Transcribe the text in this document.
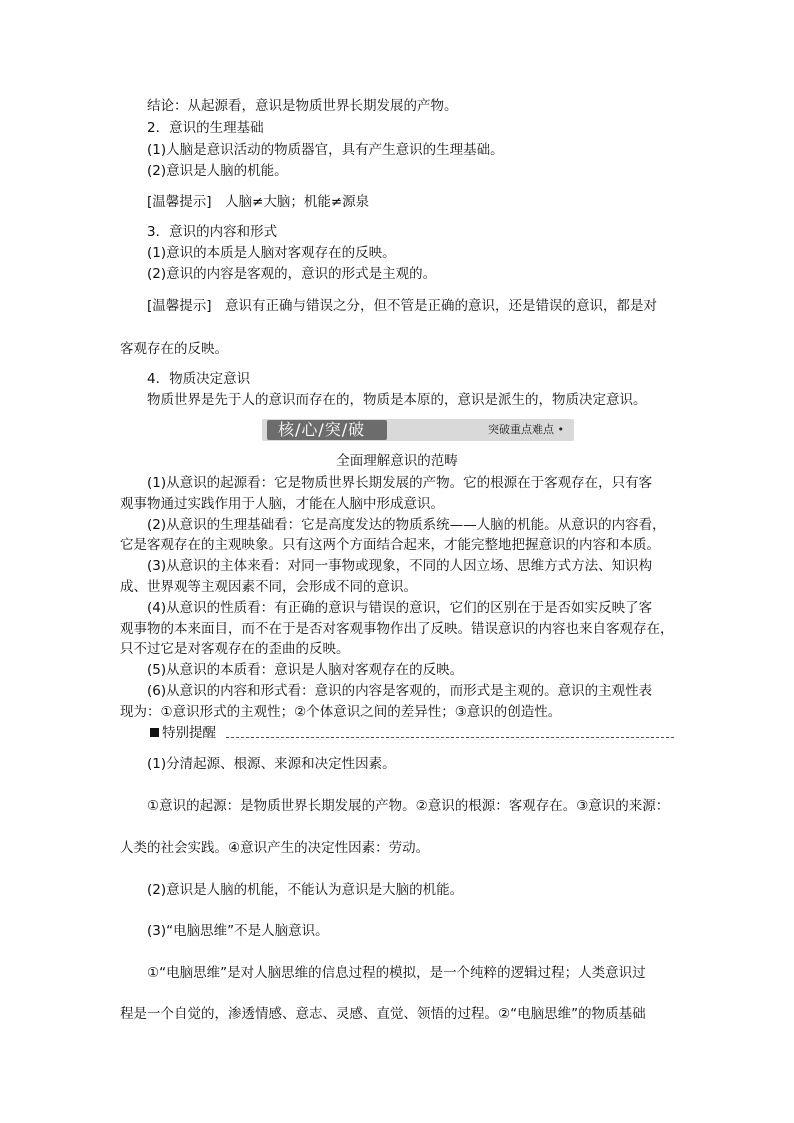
结论：从起源看，意识是物质世界长期发展的产物。
2．意识的生理基础
(1)人脑是意识活动的物质器官，具有产生意识的生理基础。
(2)意识是人脑的机能。
[温馨提示]　人脑≠大脑；机能≠源泉
3．意识的内容和形式
(1)意识的本质是人脑对客观存在的反映。
(2)意识的内容是客观的，意识的形式是主观的。
[温馨提示]　意识有正确与错误之分，但不管是正确的意识，还是错误的意识，都是对
客观存在的反映。
4．物质决定意识
物质世界是先于人的意识而存在的，物质是本原的，意识是派生的，物质决定意识。
核/心/突/破	突破重点难点 •
全面理解意识的范畴
(1)从意识的起源看：它是物质世界长期发展的产物。它的根源在于客观存在，只有客
观事物通过实践作用于人脑，才能在人脑中形成意识。
(2)从意识的生理基础看：它是高度发达的物质系统——人脑的机能。从意识的内容看，
它是客观存在的主观映象。只有这两个方面结合起来，才能完整地把握意识的内容和本质。
(3)从意识的主体来看：对同一事物或现象，不同的人因立场、思维方式方法、知识构
成、世界观等主观因素不同，会形成不同的意识。
(4)从意识的性质看：有正确的意识与错误的意识，它们的区别在于是否如实反映了客
观事物的本来面目，而不在于是否对客观事物作出了反映。错误意识的内容也来自客观存在，
只不过它是对客观存在的歪曲的反映。
(5)从意识的本质看：意识是人脑对客观存在的反映。
(6)从意识的内容和形式看：意识的内容是客观的，而形式是主观的。意识的主观性表
现为：①意识形式的主观性；②个体意识之间的差异性；③意识的创造性。
特别提醒
(1)分清起源、根源、来源和决定性因素。
①意识的起源：是物质世界长期发展的产物。②意识的根源：客观存在。③意识的来源：
人类的社会实践。④意识产生的决定性因素：劳动。
(2)意识是人脑的机能，不能认为意识是大脑的机能。
(3)“电脑思维”不是人脑意识。
①“电脑思维”是对人脑思维的信息过程的模拟，是一个纯粹的逻辑过程；人类意识过
程是一个自觉的，渗透情感、意志、灵感、直觉、领悟的过程。②“电脑思维”的物质基础
